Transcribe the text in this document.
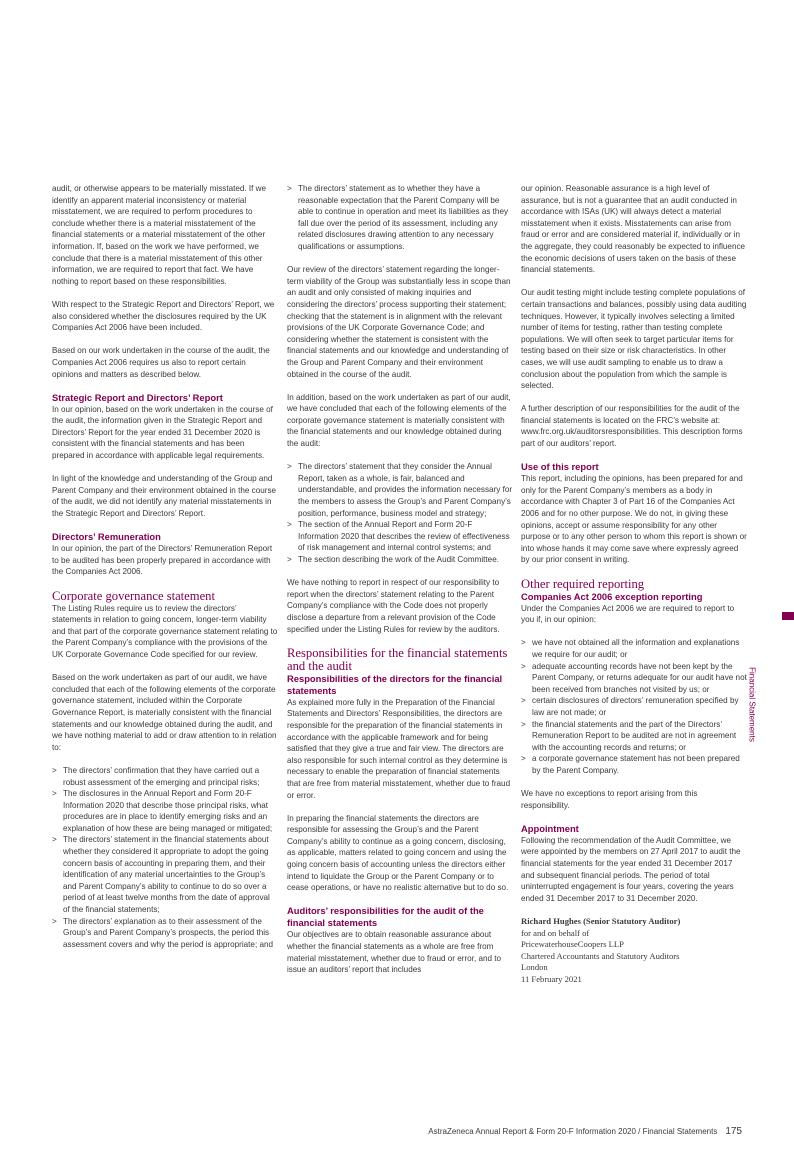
audit, or otherwise appears to be materially misstated. If we identify an apparent material inconsistency or material misstatement, we are required to perform procedures to conclude whether there is a material misstatement of the financial statements or a material misstatement of the other information. If, based on the work we have performed, we conclude that there is a material misstatement of this other information, we are required to report that fact. We have nothing to report based on these responsibilities.

With respect to the Strategic Report and Directors’ Report, we also considered whether the disclosures required by the UK Companies Act 2006 have been included.

Based on our work undertaken in the course of the audit, the Companies Act 2006 requires us also to report certain opinions and matters as described below.

Strategic Report and Directors’ Report

In our opinion, based on the work undertaken in the course of the audit, the information given in the Strategic Report and Directors’ Report for the year ended 31 December 2020 is consistent with the financial statements and has been prepared in accordance with applicable legal requirements.

In light of the knowledge and understanding of the Group and Parent Company and their environment obtained in the course of the audit, we did not identify any material misstatements in the Strategic Report and Directors’ Report.

Directors’ Remuneration

In our opinion, the part of the Directors’ Remuneration Report to be audited has been properly prepared in accordance with the Companies Act 2006.

Corporate governance statement

The Listing Rules require us to review the directors’ statements in relation to going concern, longer-term viability and that part of the corporate governance statement relating to the Parent Company’s compliance with the provisions of the UK Corporate Governance Code specified for our review.

Based on the work undertaken as part of our audit, we have concluded that each of the following elements of the corporate governance statement, included within the Corporate Governance Report, is materially consistent with the financial statements and our knowledge obtained during the audit, and we have nothing material to add or draw attention to in relation to:

> The directors’ confirmation that they have carried out a robust assessment of the emerging and principal risks;
> The disclosures in the Annual Report and Form 20-F Information 2020 that describe those principal risks, what procedures are in place to identify emerging risks and an explanation of how these are being managed or mitigated;
> The directors’ statement in the financial statements about whether they considered it appropriate to adopt the going concern basis of accounting in preparing them, and their identification of any material uncertainties to the Group’s and Parent Company’s ability to continue to do so over a period of at least twelve months from the date of approval of the financial statements;
> The directors’ explanation as to their assessment of the Group’s and Parent Company’s prospects, the period this assessment covers and why the period is appropriate; and
> The directors’ statement as to whether they have a reasonable expectation that the Parent Company will be able to continue in operation and meet its liabilities as they fall due over the period of its assessment, including any related disclosures drawing attention to any necessary qualifications or assumptions.

Our review of the directors’ statement regarding the longer-term viability of the Group was substantially less in scope than an audit and only consisted of making inquiries and considering the directors’ process supporting their statement; checking that the statement is in alignment with the relevant provisions of the UK Corporate Governance Code; and considering whether the statement is consistent with the financial statements and our knowledge and understanding of the Group and Parent Company and their environment obtained in the course of the audit.

In addition, based on the work undertaken as part of our audit, we have concluded that each of the following elements of the corporate governance statement is materially consistent with the financial statements and our knowledge obtained during the audit:

> The directors’ statement that they consider the Annual Report, taken as a whole, is fair, balanced and understandable, and provides the information necessary for the members to assess the Group’s and Parent Company’s position, performance, business model and strategy;
> The section of the Annual Report and Form 20-F Information 2020 that describes the review of effectiveness of risk management and internal control systems; and
> The section describing the work of the Audit Committee.

We have nothing to report in respect of our responsibility to report when the directors’ statement relating to the Parent Company’s compliance with the Code does not properly disclose a departure from a relevant provision of the Code specified under the Listing Rules for review by the auditors.

Responsibilities for the financial statements and the audit
Responsibilities of the directors for the financial statements

As explained more fully in the Preparation of the Financial Statements and Directors’ Responsibilities, the directors are responsible for the preparation of the financial statements in accordance with the applicable framework and for being satisfied that they give a true and fair view. The directors are also responsible for such internal control as they determine is necessary to enable the preparation of financial statements that are free from material misstatement, whether due to fraud or error.

In preparing the financial statements the directors are responsible for assessing the Group’s and the Parent Company’s ability to continue as a going concern, disclosing, as applicable, matters related to going concern and using the going concern basis of accounting unless the directors either intend to liquidate the Group or the Parent Company or to cease operations, or have no realistic alternative but to do so.

Auditors’ responsibilities for the audit of the financial statements

Our objectives are to obtain reasonable assurance about whether the financial statements as a whole are free from material misstatement, whether due to fraud or error, and to issue an auditors’ report that includes

our opinion. Reasonable assurance is a high level of assurance, but is not a guarantee that an audit conducted in accordance with ISAs (UK) will always detect a material misstatement when it exists. Misstatements can arise from fraud or error and are considered material if, individually or in the aggregate, they could reasonably be expected to influence the economic decisions of users taken on the basis of these financial statements.

Our audit testing might include testing complete populations of certain transactions and balances, possibly using data auditing techniques. However, it typically involves selecting a limited number of items for testing, rather than testing complete populations. We will often seek to target particular items for testing based on their size or risk characteristics. In other cases, we will use audit sampling to enable us to draw a conclusion about the population from which the sample is selected.

A further description of our responsibilities for the audit of the financial statements is located on the FRC’s website at: www.frc.org.uk/auditorsresponsibilities. This description forms part of our auditors’ report.

Use of this report

This report, including the opinions, has been prepared for and only for the Parent Company’s members as a body in accordance with Chapter 3 of Part 16 of the Companies Act 2006 and for no other purpose. We do not, in giving these opinions, accept or assume responsibility for any other purpose or to any other person to whom this report is shown or into whose hands it may come save where expressly agreed by our prior consent in writing.

Other required reporting
Companies Act 2006 exception reporting

Under the Companies Act 2006 we are required to report to you if, in our opinion:

> we have not obtained all the information and explanations we require for our audit; or
> adequate accounting records have not been kept by the Parent Company, or returns adequate for our audit have not been received from branches not visited by us; or
> certain disclosures of directors’ remuneration specified by law are not made; or
> the financial statements and the part of the Directors’ Remuneration Report to be audited are not in agreement with the accounting records and returns; or
> a corporate governance statement has not been prepared by the Parent Company.

We have no exceptions to report arising from this responsibility.

Appointment

Following the recommendation of the Audit Committee, we were appointed by the members on 27 April 2017 to audit the financial statements for the year ended 31 December 2017 and subsequent financial periods. The period of total uninterrupted engagement is four years, covering the years ended 31 December 2017 to 31 December 2020.

Richard Hughes (Senior Statutory Auditor)
for and on behalf of
PricewaterhouseCoopers LLP
Chartered Accountants and Statutory Auditors
London
11 February 2021
Financial Statements
AstraZeneca Annual Report & Form 20-F Information 2020 / Financial Statements 175
